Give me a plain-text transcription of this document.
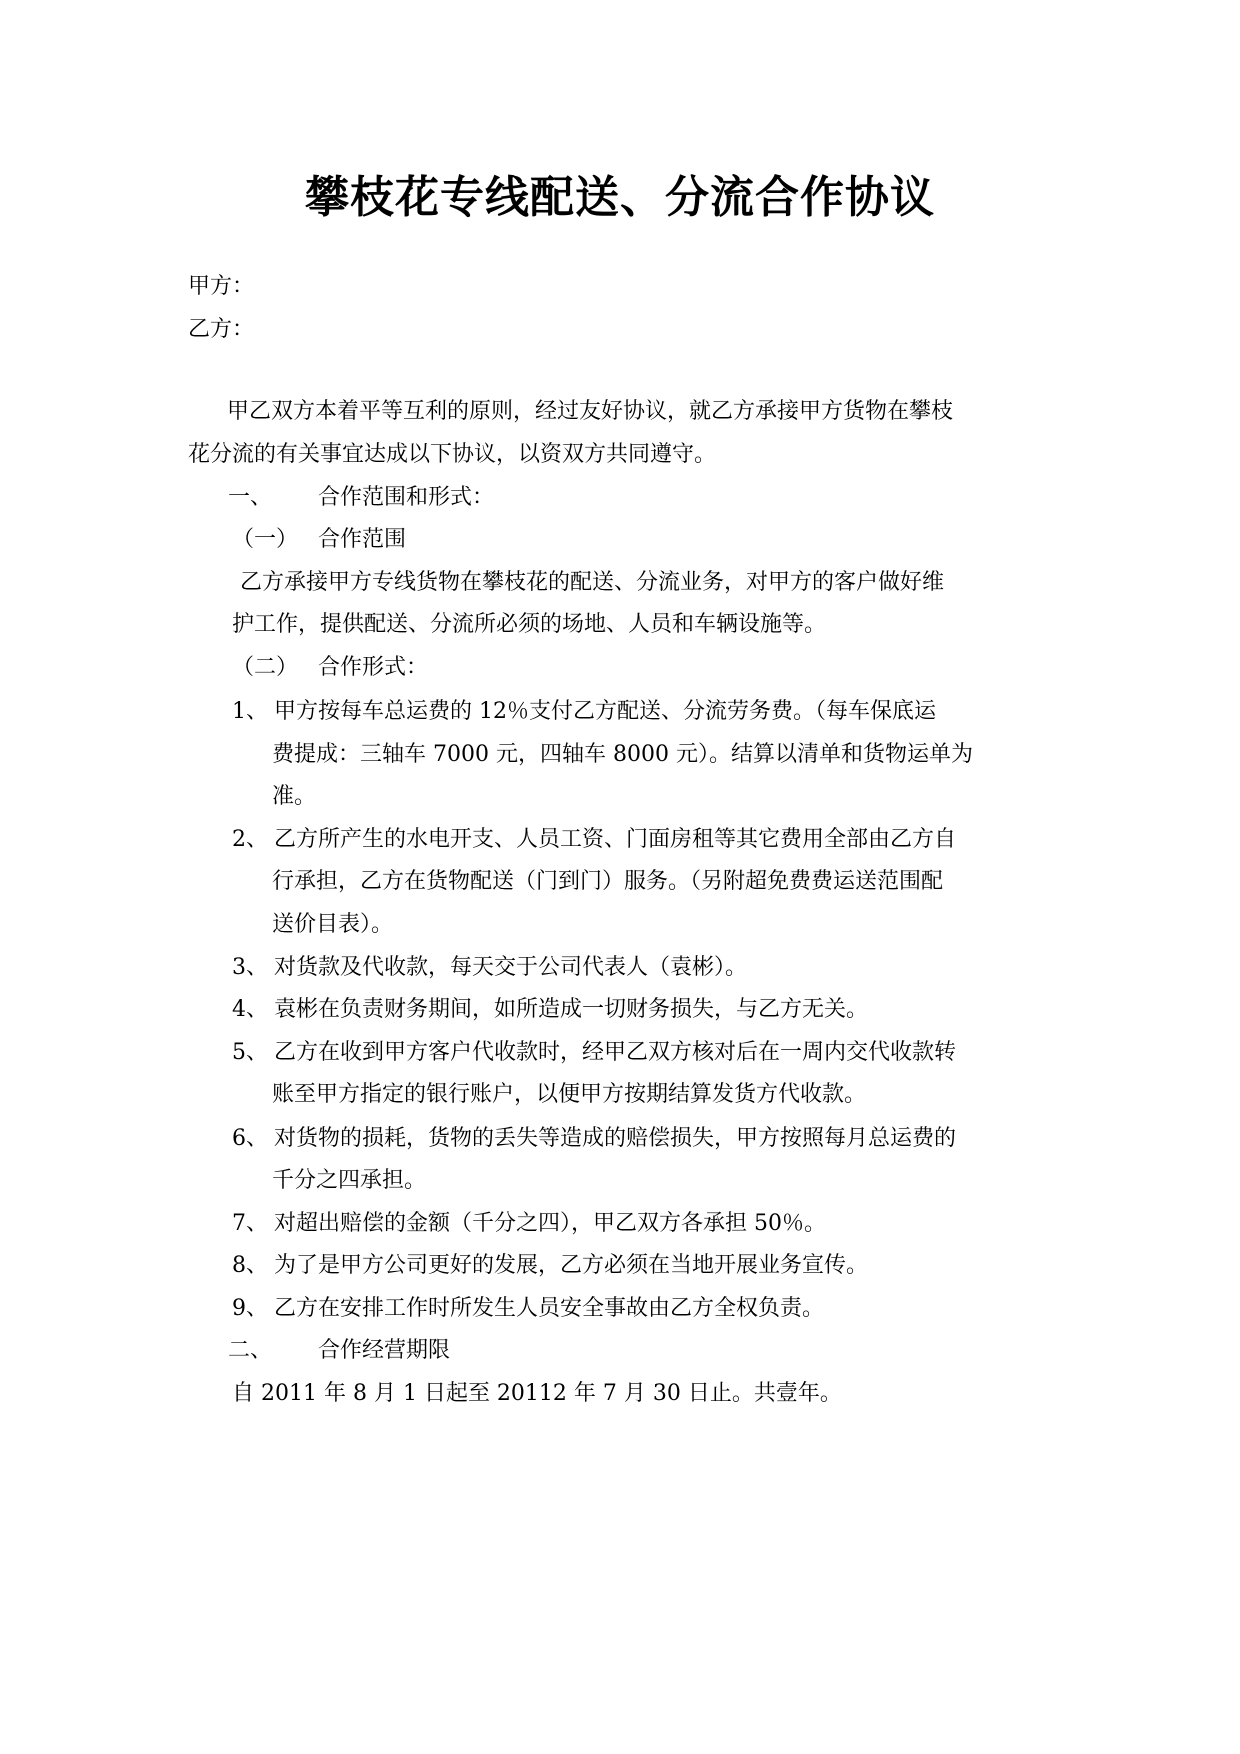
攀枝花专线配送、分流合作协议
甲方：
乙方：
甲乙双方本着平等互利的原则，经过友好协议，就乙方承接甲方货物在攀枝
花分流的有关事宜达成以下协议，以资双方共同遵守。
一、 合作范围和形式：
（一） 合作范围
乙方承接甲方专线货物在攀枝花的配送、分流业务，对甲方的客户做好维
护工作，提供配送、分流所必须的场地、人员和车辆设施等。
（二） 合作形式：
1、 甲方按每车总运费的 12％支付乙方配送、分流劳务费。（每车保底运
费提成：三轴车 7000 元，四轴车 8000 元）。结算以清单和货物运单为
准。
2、 乙方所产生的水电开支、人员工资、门面房租等其它费用全部由乙方自
行承担，乙方在货物配送（门到门）服务。（另附超免费费运送范围配
送价目表）。
3、 对货款及代收款，每天交于公司代表人（袁彬）。
4、 袁彬在负责财务期间，如所造成一切财务损失，与乙方无关。
5、 乙方在收到甲方客户代收款时，经甲乙双方核对后在一周内交代收款转
账至甲方指定的银行账户，以便甲方按期结算发货方代收款。
6、 对货物的损耗，货物的丢失等造成的赔偿损失，甲方按照每月总运费的
千分之四承担。
7、 对超出赔偿的金额（千分之四），甲乙双方各承担 50％。
8、 为了是甲方公司更好的发展，乙方必须在当地开展业务宣传。
9、 乙方在安排工作时所发生人员安全事故由乙方全权负责。
二、 合作经营期限
自 2011 年 8 月 1 日起至 20112 年 7 月 30 日止。共壹年。
